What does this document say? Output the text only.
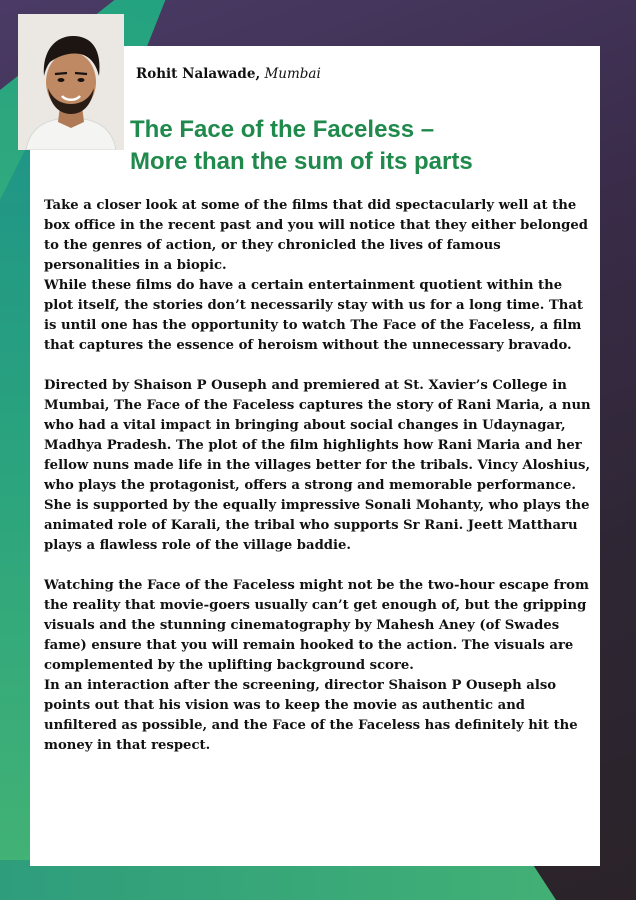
Rohit Nalawade, Mumbai
The Face of the Faceless –
More than the sum of its parts
Take a closer look at some of the films that did spectacularly well at the box office in the recent past and you will notice that they either belonged to the genres of action, or they chronicled the lives of famous personalities in a biopic.

While these films do have a certain entertainment quotient within the plot itself, the stories don’t necessarily stay with us for a long time. That is until one has the opportunity to watch The Face of the Faceless, a film that captures the essence of heroism without the unnecessary bravado.

Directed by Shaison P Ouseph and premiered at St. Xavier’s College in Mumbai, The Face of the Faceless captures the story of Rani Maria, a nun who had a vital impact in bringing about social changes in Udaynagar, Madhya Pradesh. The plot of the film highlights how Rani Maria and her fellow nuns made life in the villages better for the tribals. Vincy Aloshius, who plays the protagonist, offers a strong and memorable performance. She is supported by the equally impressive Sonali Mohanty, who plays the animated role of Karali, the tribal who supports Sr Rani. Jeett Mattharu plays a flawless role of the village baddie.

Watching the Face of the Faceless might not be the two-hour escape from the reality that movie-goers usually can’t get enough of, but the gripping visuals and the stunning cinematography by Mahesh Aney (of Swades fame) ensure that you will remain hooked to the action. The visuals are complemented by the uplifting background score.
In an interaction after the screening, director Shaison P Ouseph also points out that his vision was to keep the movie as authentic and unfiltered as possible, and the Face of the Faceless has definitely hit the money in that respect.
